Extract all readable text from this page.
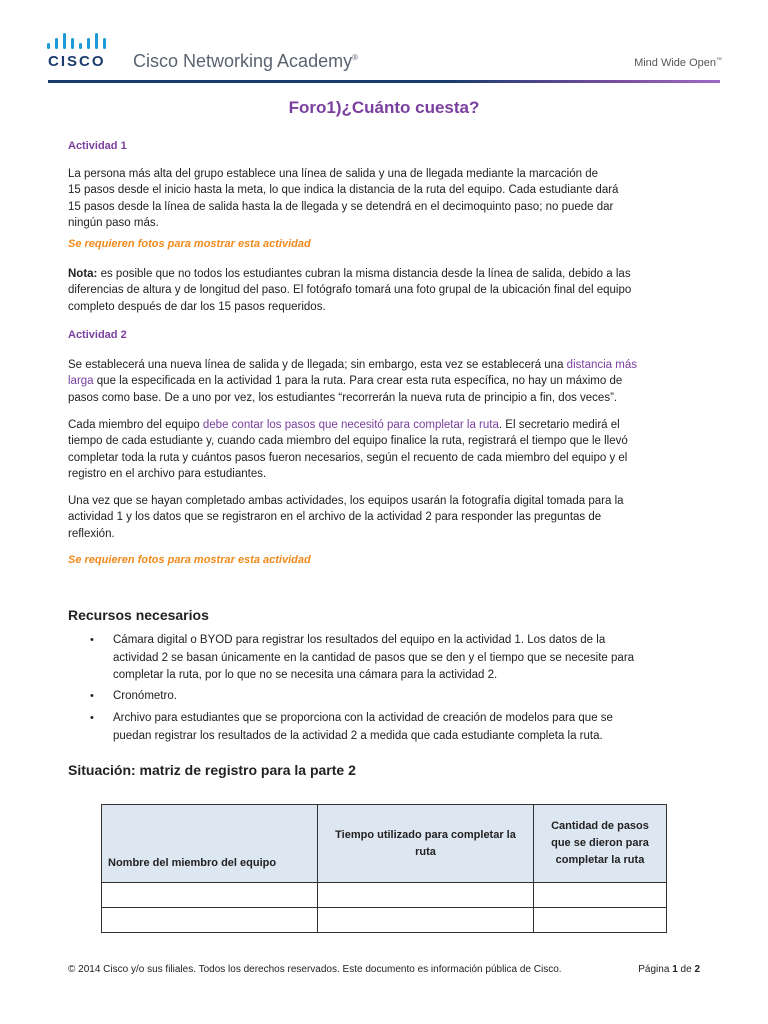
CISCO Cisco Networking Academy®	Mind Wide Open™
Foro1)¿Cuánto cuesta?
Actividad 1
La persona más alta del grupo establece una línea de salida y una de llegada mediante la marcación de
15 pasos desde el inicio hasta la meta, lo que indica la distancia de la ruta del equipo. Cada estudiante dará
15 pasos desde la línea de salida hasta la de llegada y se detendrá en el decimoquinto paso; no puede dar
ningún paso más.
Se requieren fotos para mostrar esta actividad
Nota: es posible que no todos los estudiantes cubran la misma distancia desde la línea de salida, debido a las
diferencias de altura y de longitud del paso. El fotógrafo tomará una foto grupal de la ubicación final del equipo
completo después de dar los 15 pasos requeridos.
Actividad 2
Se establecerá una nueva línea de salida y de llegada; sin embargo, esta vez se establecerá una distancia más
larga que la especificada en la actividad 1 para la ruta. Para crear esta ruta específica, no hay un máximo de
pasos como base. De a uno por vez, los estudiantes “recorrerán la nueva ruta de principio a fin, dos veces”.
Cada miembro del equipo debe contar los pasos que necesitó para completar la ruta. El secretario medirá el
tiempo de cada estudiante y, cuando cada miembro del equipo finalice la ruta, registrará el tiempo que le llevó
completar toda la ruta y cuántos pasos fueron necesarios, según el recuento de cada miembro del equipo y el
registro en el archivo para estudiantes.
Una vez que se hayan completado ambas actividades, los equipos usarán la fotografía digital tomada para la
actividad 1 y los datos que se registraron en el archivo de la actividad 2 para responder las preguntas de
reflexión.
Se requieren fotos para mostrar esta actividad
Recursos necesarios
• Cámara digital o BYOD para registrar los resultados del equipo en la actividad 1. Los datos de la
actividad 2 se basan únicamente en la cantidad de pasos que se den y el tiempo que se necesite para
completar la ruta, por lo que no se necesita una cámara para la actividad 2.
• Cronómetro.
• Archivo para estudiantes que se proporciona con la actividad de creación de modelos para que se
puedan registrar los resultados de la actividad 2 a medida que cada estudiante completa la ruta.
Situación: matriz de registro para la parte 2
Nombre del miembro del equipo	Tiempo utilizado para completar la ruta	Cantidad de pasos que se dieron para completar la ruta

© 2014 Cisco y/o sus filiales. Todos los derechos reservados. Este documento es información pública de Cisco.	Página 1 de 2
